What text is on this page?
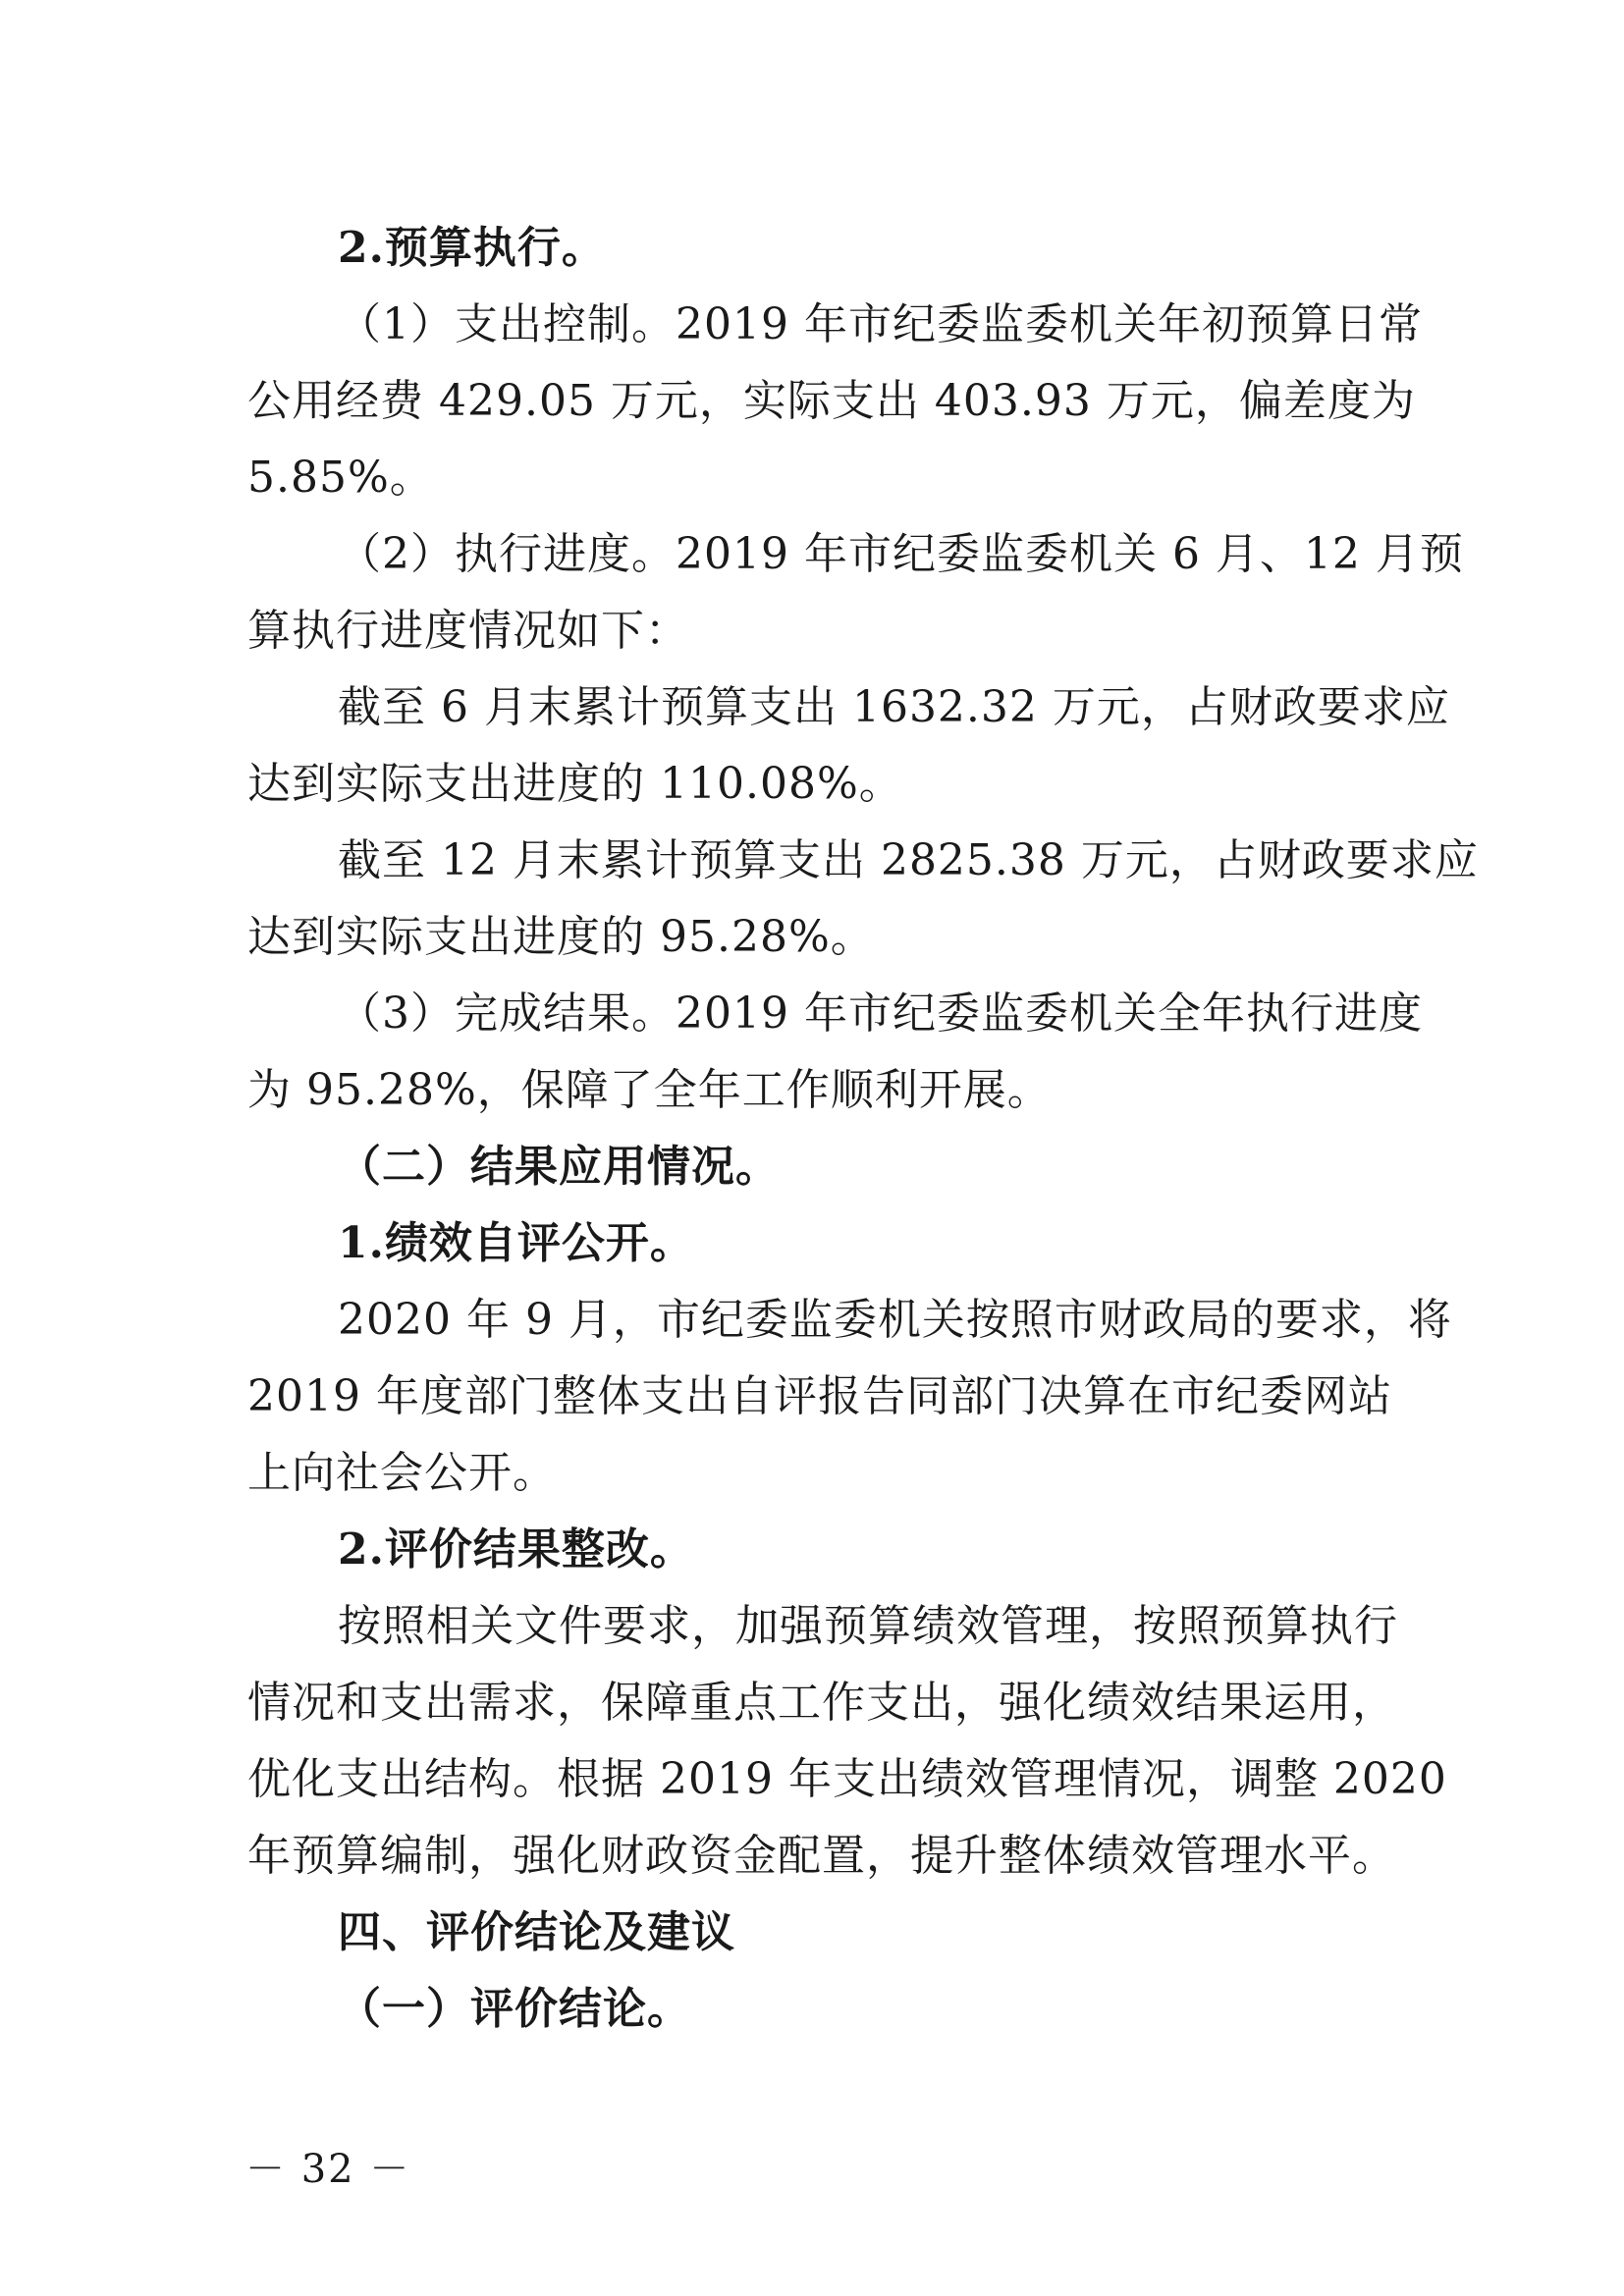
2.预算执行。
（1）支出控制。2019 年市纪委监委机关年初预算日常
公用经费 429.05 万元，实际支出 403.93 万元，偏差度为
5.85%。
（2）执行进度。2019 年市纪委监委机关 6 月、12 月预
算执行进度情况如下：
截至 6 月末累计预算支出 1632.32 万元，占财政要求应
达到实际支出进度的 110.08%。
截至 12 月末累计预算支出 2825.38 万元，占财政要求应
达到实际支出进度的 95.28%。
（3）完成结果。2019 年市纪委监委机关全年执行进度
为 95.28%，保障了全年工作顺利开展。
（二）结果应用情况。
1.绩效自评公开。
2020 年 9 月，市纪委监委机关按照市财政局的要求，将
2019 年度部门整体支出自评报告同部门决算在市纪委网站
上向社会公开。
2.评价结果整改。
按照相关文件要求，加强预算绩效管理，按照预算执行
情况和支出需求，保障重点工作支出，强化绩效结果运用，
优化支出结构。根据 2019 年支出绩效管理情况，调整 2020
年预算编制，强化财政资金配置，提升整体绩效管理水平。
四、评价结论及建议
（一）评价结论。
－ 32 －
